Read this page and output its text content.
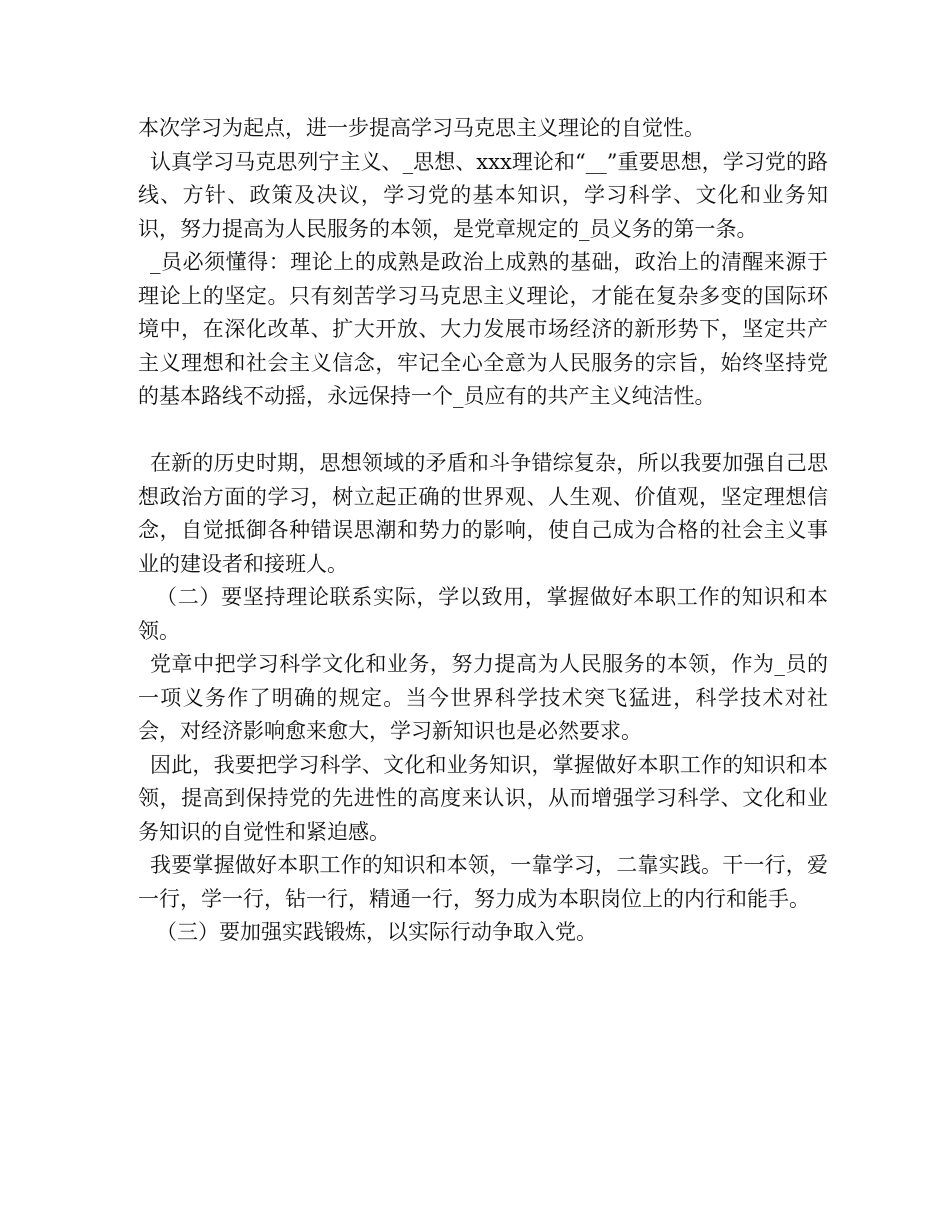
本次学习为起点，进一步提高学习马克思主义理论的自觉性。

认真学习马克思列宁主义、_思想、xxx理论和“__”重要思想，学习党的路线、方针、政策及决议，学习党的基本知识，学习科学、文化和业务知识，努力提高为人民服务的本领，是党章规定的_员义务的第一条。

_员必须懂得：理论上的成熟是政治上成熟的基础，政治上的清醒来源于理论上的坚定。只有刻苦学习马克思主义理论，才能在复杂多变的国际环境中，在深化改革、扩大开放、大力发展市场经济的新形势下，坚定共产主义理想和社会主义信念，牢记全心全意为人民服务的宗旨，始终坚持党的基本路线不动摇，永远保持一个_员应有的共产主义纯洁性。

在新的历史时期，思想领域的矛盾和斗争错综复杂，所以我要加强自己思想政治方面的学习，树立起正确的世界观、人生观、价值观，坚定理想信念，自觉抵御各种错误思潮和势力的影响，使自己成为合格的社会主义事业的建设者和接班人。

（二）要坚持理论联系实际，学以致用，掌握做好本职工作的知识和本领。

党章中把学习科学文化和业务，努力提高为人民服务的本领，作为_员的一项义务作了明确的规定。当今世界科学技术突飞猛进，科学技术对社会，对经济影响愈来愈大，学习新知识也是必然要求。

因此，我要把学习科学、文化和业务知识，掌握做好本职工作的知识和本领，提高到保持党的先进性的高度来认识，从而增强学习科学、文化和业务知识的自觉性和紧迫感。

我要掌握做好本职工作的知识和本领，一靠学习，二靠实践。干一行，爱一行，学一行，钻一行，精通一行，努力成为本职岗位上的内行和能手。

（三）要加强实践锻炼，以实际行动争取入党。
